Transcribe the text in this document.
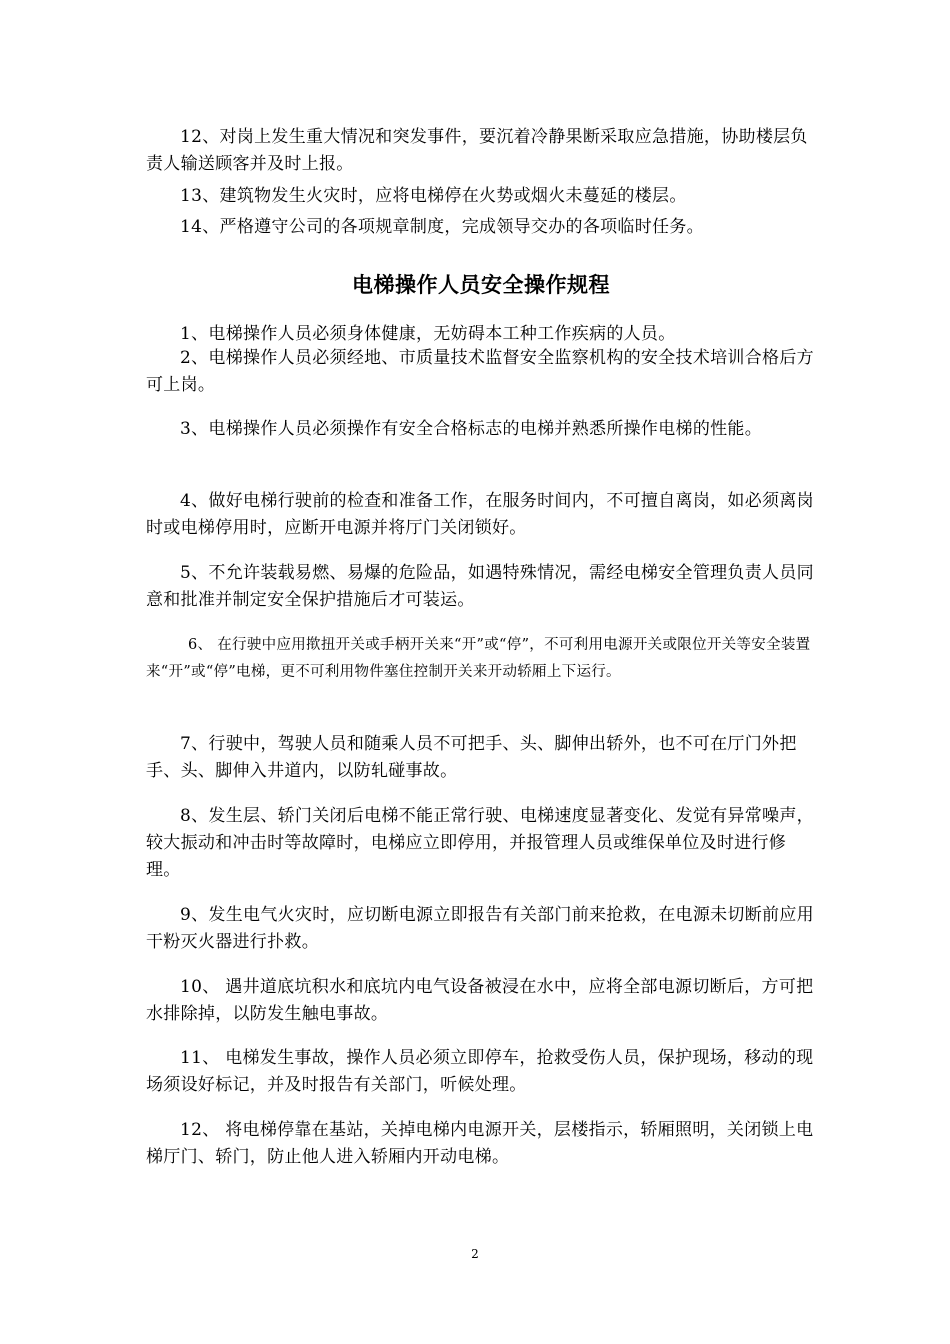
12、对岗上发生重大情况和突发事件，要沉着冷静果断采取应急措施，协助楼层负责人输送顾客并及时上报。

13、建筑物发生火灾时，应将电梯停在火势或烟火未蔓延的楼层。

14、严格遵守公司的各项规章制度，完成领导交办的各项临时任务。

电梯操作人员安全操作规程

1、电梯操作人员必须身体健康，无妨碍本工种工作疾病的人员。

2、电梯操作人员必须经地、市质量技术监督安全监察机构的安全技术培训合格后方可上岗。

3、电梯操作人员必须操作有安全合格标志的电梯并熟悉所操作电梯的性能。

4、做好电梯行驶前的检查和准备工作，在服务时间内，不可擅自离岗，如必须离岗时或电梯停用时，应断开电源并将厅门关闭锁好。

5、不允许装载易燃、易爆的危险品，如遇特殊情况，需经电梯安全管理负责人员同意和批准并制定安全保护措施后才可装运。

6、 在行驶中应用揿扭开关或手柄开关来“开”或“停”，不可利用电源开关或限位开关等安全装置来“开”或“停”电梯，更不可利用物件塞住控制开关来开动轿厢上下运行。

7、行驶中，驾驶人员和随乘人员不可把手、头、脚伸出轿外，也不可在厅门外把手、头、脚伸入井道内，以防轧碰事故。

8、发生层、轿门关闭后电梯不能正常行驶、电梯速度显著变化、发觉有异常噪声，较大振动和冲击时等故障时，电梯应立即停用，并报管理人员或维保单位及时进行修理。

9、发生电气火灾时，应切断电源立即报告有关部门前来抢救，在电源未切断前应用干粉灭火器进行扑救。

10、 遇井道底坑积水和底坑内电气设备被浸在水中，应将全部电源切断后，方可把水排除掉，以防发生触电事故。

11、 电梯发生事故，操作人员必须立即停车，抢救受伤人员，保护现场，移动的现场须设好标记，并及时报告有关部门，听候处理。

12、 将电梯停靠在基站，关掉电梯内电源开关，层楼指示，轿厢照明，关闭锁上电梯厅门、轿门，防止他人进入轿厢内开动电梯。

2
